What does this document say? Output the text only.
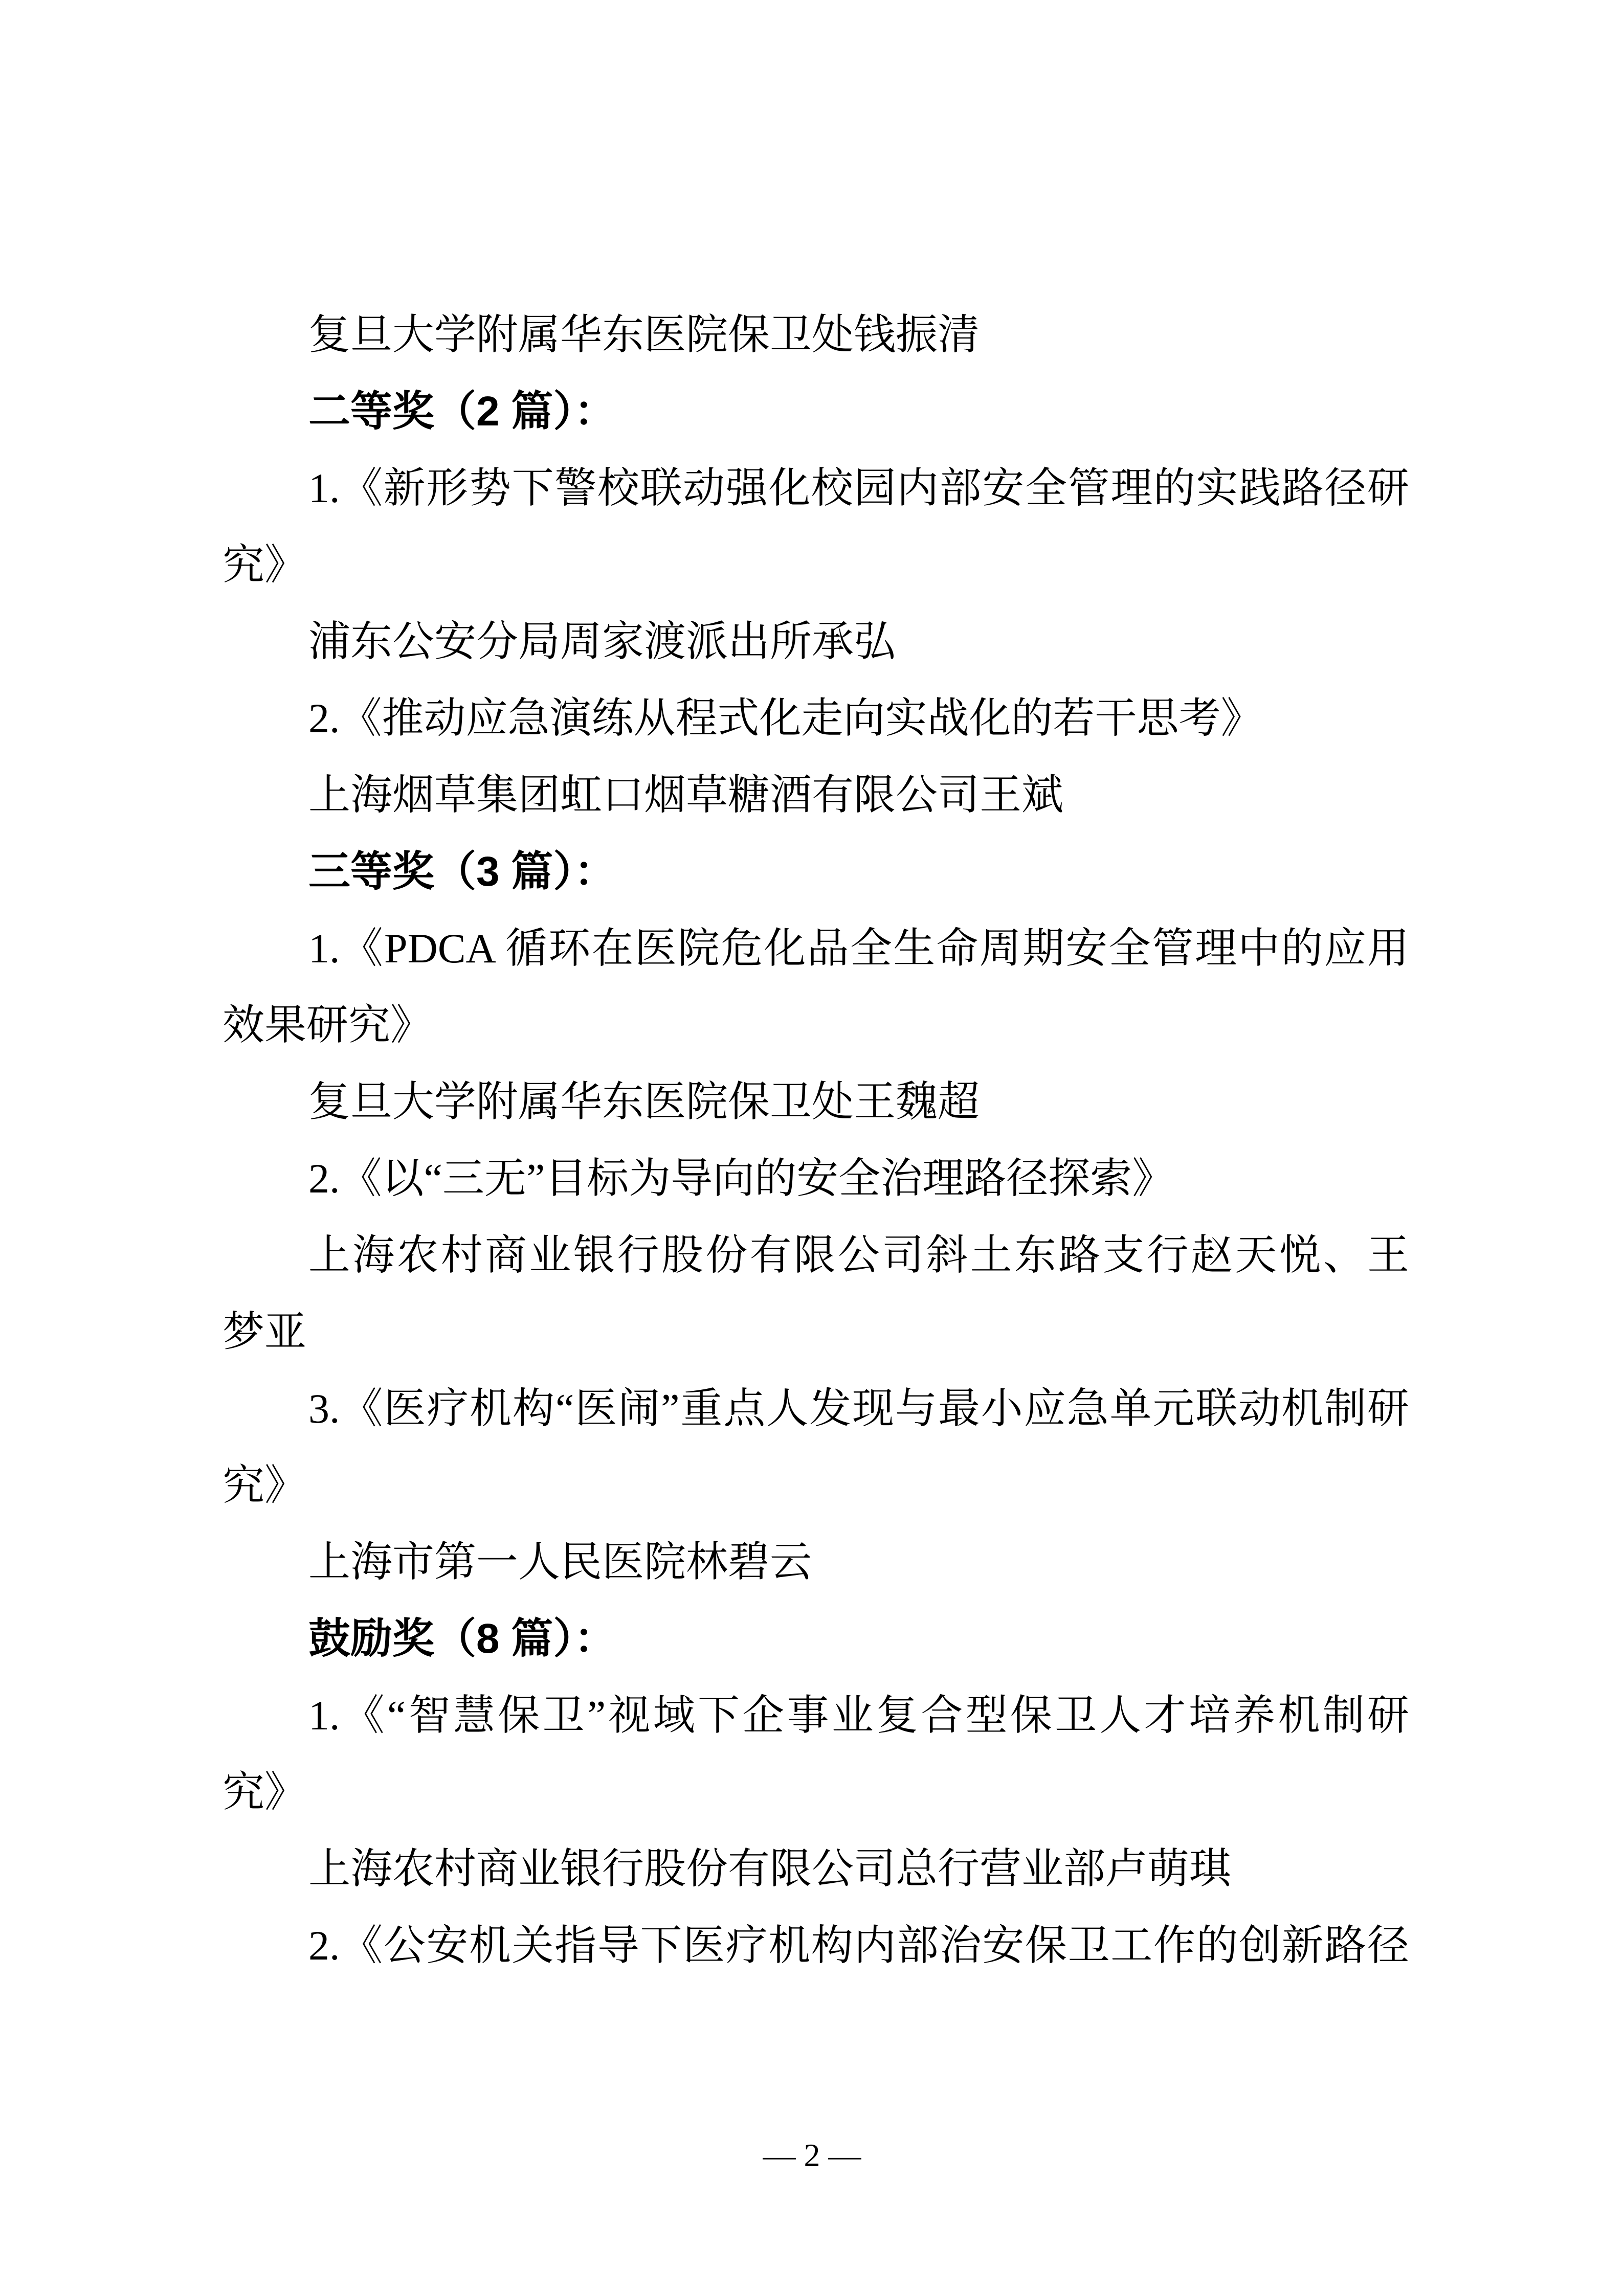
复旦大学附属华东医院保卫处钱振清
二等奖（2 篇）：
1.《新形势下警校联动强化校园内部安全管理的实践路径研
究》
浦东公安分局周家渡派出所承弘
2.《推动应急演练从程式化走向实战化的若干思考》
上海烟草集团虹口烟草糖酒有限公司王斌
三等奖（3 篇）：
1.《PDCA 循环在医院危化品全生命周期安全管理中的应用
效果研究》
复旦大学附属华东医院保卫处王魏超
2.《以“三无”目标为导向的安全治理路径探索》
上海农村商业银行股份有限公司斜土东路支行赵天悦、王
梦亚
3.《医疗机构“医闹”重点人发现与最小应急单元联动机制研
究》
上海市第一人民医院林碧云
鼓励奖（8 篇）：
1.《“智慧保卫”视域下企事业复合型保卫人才培养机制研
究》
上海农村商业银行股份有限公司总行营业部卢萌琪
2.《公安机关指导下医疗机构内部治安保卫工作的创新路径
— 2 —
